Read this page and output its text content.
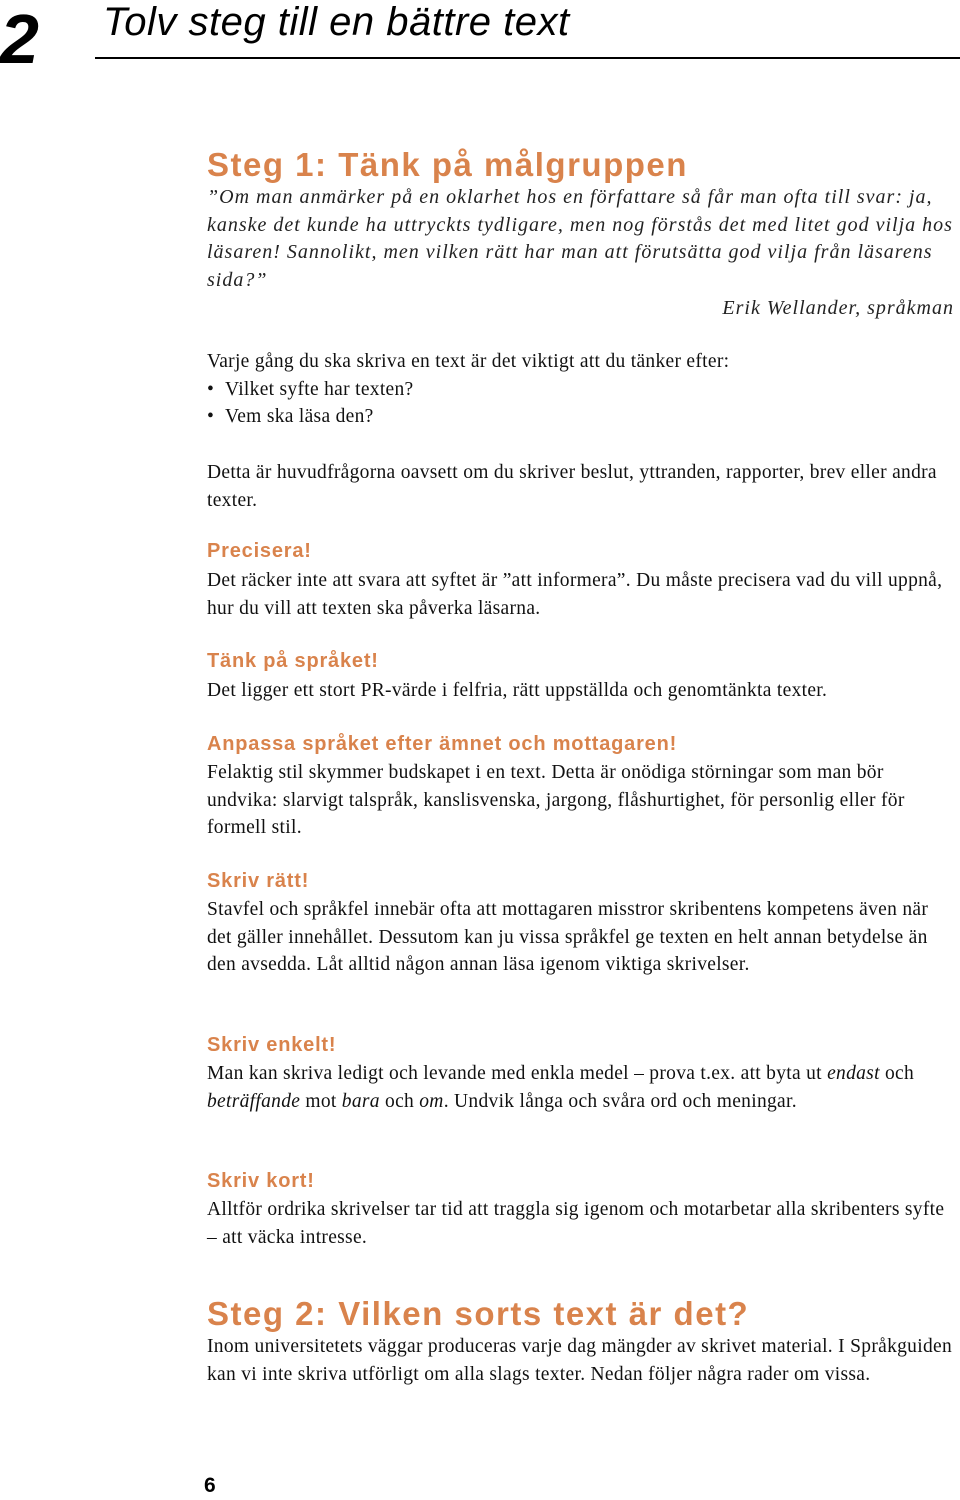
2 Tolv steg till en bättre text
Steg 1: Tänk på målgruppen
”Om man anmärker på en oklarhet hos en författare så får man ofta till svar: ja, kanske det kunde ha uttryckts tydligare, men nog förstås det med litet god vilja hos läsaren! Sannolikt, men vilken rätt har man att förutsätta god vilja från läsarens sida?”
Erik Wellander, språkman

Varje gång du ska skriva en text är det viktigt att du tänker efter:

• Vilket syfte har texten?
• Vem ska läsa den?
Detta är huvudfrågorna oavsett om du skriver beslut, yttranden, rapporter, brev eller andra texter.
Precisera!
Det räcker inte att svara att syftet är ”att informera”. Du måste precisera vad du vill uppnå, hur du vill att texten ska påverka läsarna.
Tänk på språket!
Det ligger ett stort PR-värde i felfria, rätt uppställda och genomtänkta texter.
Anpassa språket efter ämnet och mottagaren!
Felaktig stil skymmer budskapet i en text. Detta är onödiga störningar som man bör undvika: slarvigt talspråk, kanslisvenska, jargong, flåshurtighet, för personlig eller för formell stil.
Skriv rätt!
Stavfel och språkfel innebär ofta att mottagaren misstror skribentens kompetens även när det gäller innehållet. Dessutom kan ju vissa språkfel ge texten en helt annan betydelse än den avsedda. Låt alltid någon annan läsa igenom viktiga skrivelser.
Skriv enkelt!
Man kan skriva ledigt och levande med enkla medel – prova t.ex. att byta ut endast och beträffande mot bara och om. Undvik långa och svåra ord och meningar.
Skriv kort!
Alltför ordrika skrivelser tar tid att traggla sig igenom och motarbetar alla skribenters syfte – att väcka intresse.
Steg 2: Vilken sorts text är det?
Inom universitetets väggar produceras varje dag mängder av skrivet material. I Språkguiden kan vi inte skriva utförligt om alla slags texter. Nedan följer några rader om vissa.
6
